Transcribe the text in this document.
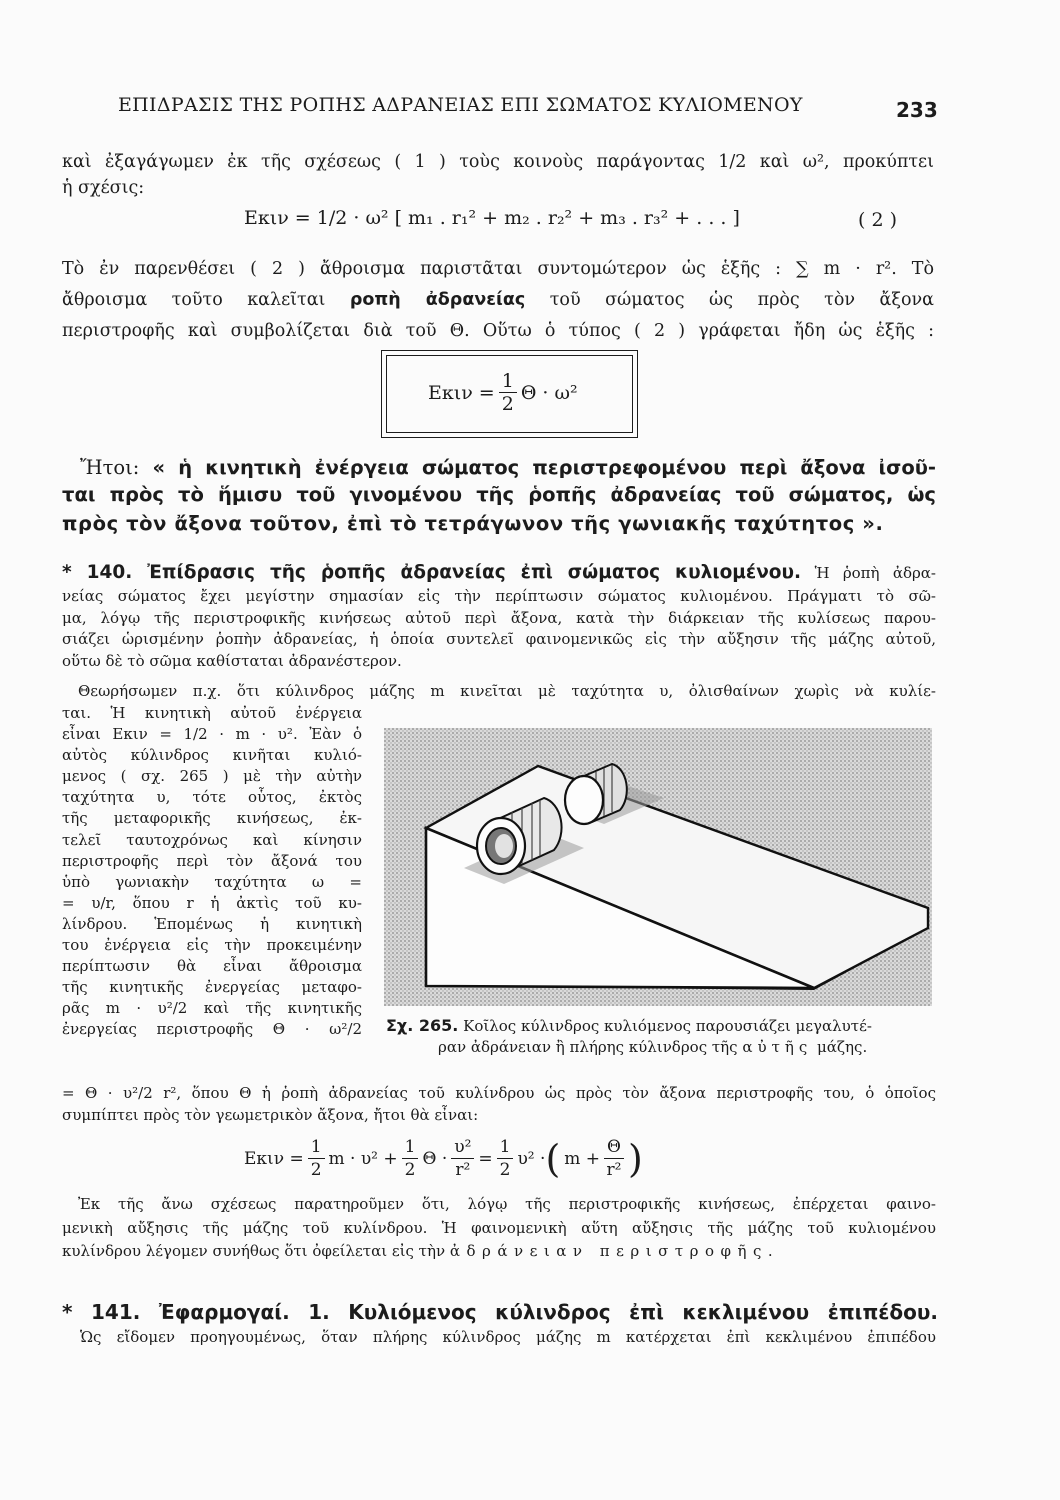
ΕΠΙΔΡΑΣΙΣ ΤΗΣ ΡΟΠΗΣ ΑΔΡΑΝΕΙΑΣ ΕΠΙ ΣΩΜΑΤΟΣ ΚΥΛΙΟΜΕΝΟΥ	233
καὶ ἐξαγάγωμεν ἐκ τῆς σχέσεως ( 1 ) τοὺς κοινοὺς παράγοντας 1/2 καὶ ω², προκύπτει
ἡ σχέσις:
Eκιν = 1/2 · ω² [ m₁ . r₁² + m₂ . r₂² + m₃ . r₃² + . . . ]	( 2 )
Τὸ ἐν παρενθέσει ( 2 ) ἄθροισμα παριστᾶται συντομώτερον ὡς ἑξῆς : ∑ m · r². Τὸ
ἄθροισμα τοῦτο καλεῖται ροπὴ ἀδρανείας τοῦ σώματος ὡς πρὸς τὸν ἄξονα
περιστροφῆς καὶ συμβολίζεται διὰ τοῦ Θ. Οὕτω ὁ τύπος ( 2 ) γράφεται ἤδη ὡς ἑξῆς :
$E\kappa\iota\nu = \frac{1}{2}$ Θ · ω²
Ἤτοι: « ἡ κινητικὴ ἐνέργεια σώματος περιστρεφομένου περὶ ἄξονα ἰσοῦ-
ται πρὸς τὸ ἥμισυ τοῦ γινομένου τῆς ῥοπῆς ἀδρανείας τοῦ σώματος, ὡς
πρὸς τὸν ἄξονα τοῦτον, ἐπὶ τὸ τετράγωνον τῆς γωνιακῆς ταχύτητος ».
* 140. Ἐπίδρασις τῆς ῥοπῆς ἀδρανείας ἐπὶ σώματος κυλιομένου. Ἡ ῥοπὴ ἀδρα-
νείας σώματος ἔχει μεγίστην σημασίαν εἰς τὴν περίπτωσιν σώματος κυλιομένου. Πράγματι τὸ σῶ-
μα, λόγῳ τῆς περιστροφικῆς κινήσεως αὐτοῦ περὶ ἄξονα, κατὰ τὴν διάρκειαν τῆς κυλίσεως παρου-
σιάζει ὡρισμένην ῥοπὴν ἀδρανείας, ἡ ὁποία συντελεῖ φαινομενικῶς εἰς τὴν αὔξησιν τῆς μάζης αὐτοῦ,
οὕτω δὲ τὸ σῶμα καθίσταται ἀδρανέστερον.
Θεωρήσωμεν π.χ. ὅτι κύλινδρος μάζης m κινεῖται μὲ ταχύτητα υ, ὀλισθαίνων χωρὶς νὰ κυλίε-
ται. Ἡ κινητικὴ αὐτοῦ ἐνέργεια
εἶναι Eκιν = 1/2 · m · υ². Ἐὰν ὁ
αὐτὸς κύλινδρος κινῆται κυλιό-
μενος ( σχ. 265 ) μὲ τὴν αὐτὴν
ταχύτητα υ, τότε οὗτος, ἐκτὸς
τῆς μεταφορικῆς κινήσεως, ἐκ-
τελεῖ ταυτοχρόνως καὶ κίνησιν
περιστροφῆς περὶ τὸν ἄξονά του
ὑπὸ γωνιακὴν ταχύτητα ω =
= υ/r, ὅπου r ἡ ἀκτὶς τοῦ κυ-
λίνδρου. Ἑπομένως ἡ κινητικὴ
του ἐνέργεια εἰς τὴν προκειμένην
περίπτωσιν θὰ εἶναι ἄθροισμα
τῆς κινητικῆς ἐνεργείας μεταφο-
ρᾶς m · υ²/2 καὶ τῆς κινητικῆς
ἐνεργείας περιστροφῆς Θ · ω²/2 Σχ. 265. Κοῖλος κύλινδρος κυλιόμενος παρουσιάζει μεγαλυτέ-
ραν ἀδράνειαν ἢ πλήρης κύλινδρος τῆς αὐτῆς μάζης.
= Θ · υ²/2 r², ὅπου Θ ἡ ῥοπὴ ἀδρανείας τοῦ κυλίνδρου ὡς πρὸς τὸν ἄξονα περιστροφῆς του, ὁ ὁποῖος
συμπίπτει πρὸς τὸν γεωμετρικὸν ἄξονα, ἤτοι θὰ εἶναι:
$E\kappa\iota\nu = \frac{1}{2}$ $m \cdot \upsilon^2 + \frac{1}{2}$ $\Theta \cdot \frac{\text{υ²}}{\text{r²}} = \frac{1}{2} \upsilon^2$ · ( $m + \frac{\Theta}{\text{r²}}$ )
Ἐκ τῆς ἄνω σχέσεως παρατηροῦμεν ὅτι, λόγῳ τῆς περιστροφικῆς κινήσεως, ἐπέρχεται φαινο-
μενικὴ αὔξησις τῆς μάζης τοῦ κυλίνδρου. Ἡ φαινομενικὴ αὕτη αὔξησις τῆς μάζης τοῦ κυλιομένου
κυλίνδρου λέγομεν συνήθως ὅτι ὀφείλεται εἰς τὴν ἀδράνειαν περιστροφῆς.
* 141. Ἐφαρμογαί. 1. Κυλιόμενος κύλινδρος ἐπὶ κεκλιμένου ἐπιπέδου.
Ὡς εἴδομεν προηγουμένως, ὅταν πλήρης κύλινδρος μάζης m κατέρχεται ἐπὶ κεκλιμένου ἐπιπέδου
